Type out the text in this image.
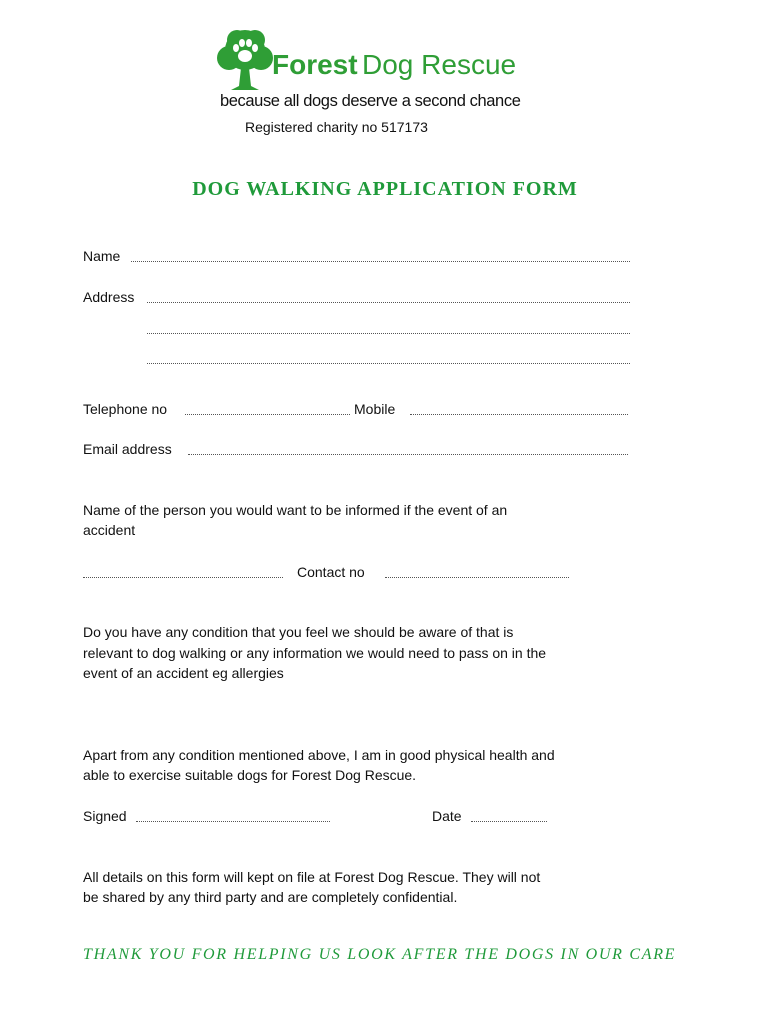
Forest Dog Rescue
because all dogs deserve a second chance
Registered charity no 517173
DOG WALKING APPLICATION FORM
Name
Address
Telephone no	Mobile
Email address
Name of the person you would want to be informed if the event of an
accident
Contact no
Do you have any condition that you feel we should be aware of that is
relevant to dog walking or any information we would need to pass on in the
event of an accident eg allergies
Apart from any condition mentioned above, I am in good physical health and
able to exercise suitable dogs for Forest Dog Rescue.
Signed	Date
All details on this form will kept on file at Forest Dog Rescue. They will not
be shared by any third party and are completely confidential.
THANK YOU FOR HELPING US LOOK AFTER THE DOGS IN OUR CARE
